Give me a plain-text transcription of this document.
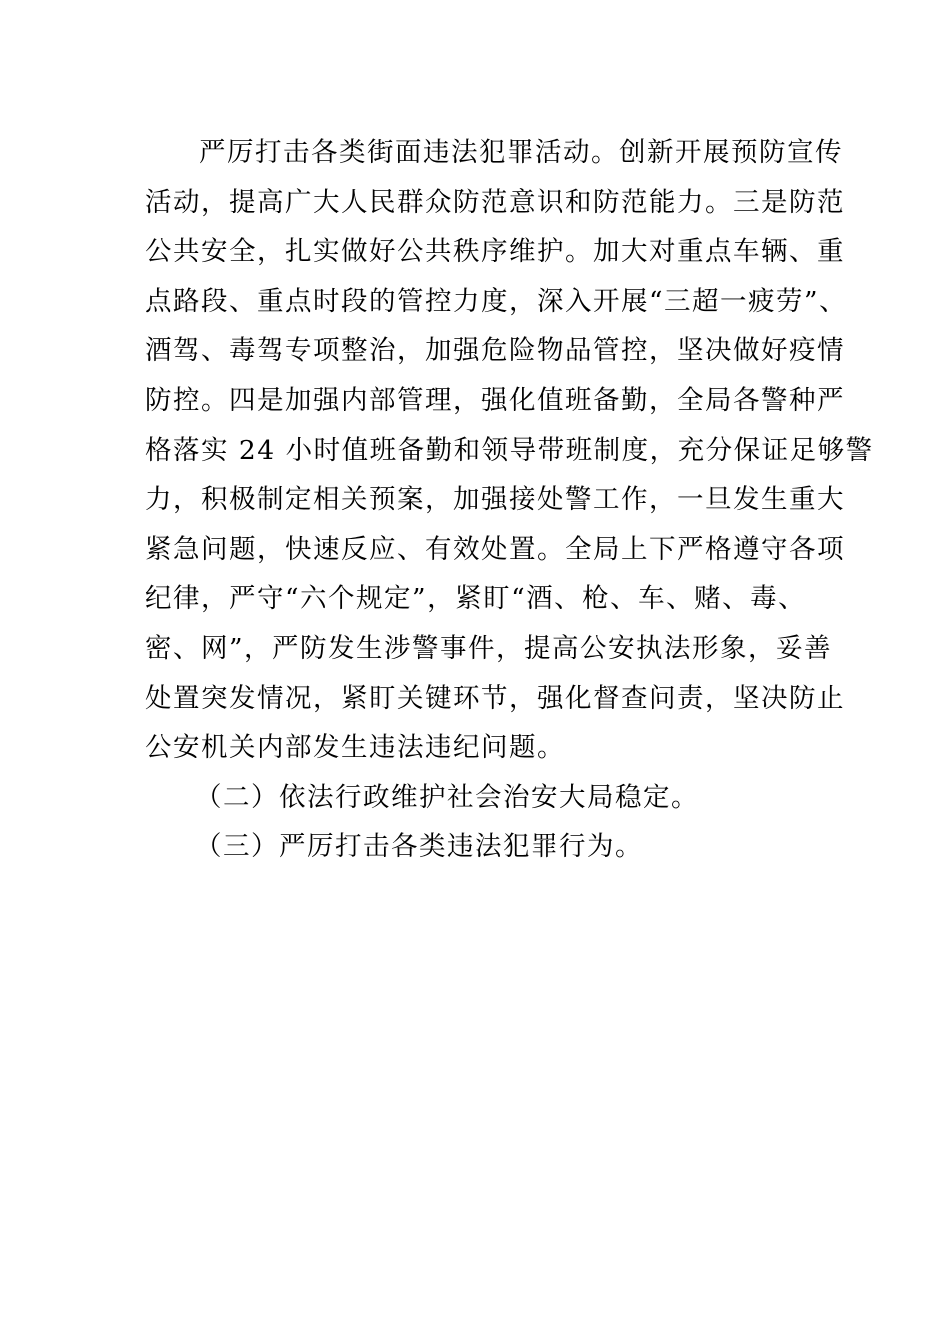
严厉打击各类街面违法犯罪活动。创新开展预防宣传
活动，提高广大人民群众防范意识和防范能力。三是防范
公共安全，扎实做好公共秩序维护。加大对重点车辆、重
点路段、重点时段的管控力度，深入开展“三超一疲劳”、
酒驾、毒驾专项整治，加强危险物品管控，坚决做好疫情
防控。四是加强内部管理，强化值班备勤，全局各警种严
格落实 24 小时值班备勤和领导带班制度，充分保证足够警
力，积极制定相关预案，加强接处警工作，一旦发生重大
紧急问题，快速反应、有效处置。全局上下严格遵守各项
纪律，严守“六个规定”，紧盯“酒、枪、车、赌、毒、
密、网”，严防发生涉警事件，提高公安执法形象，妥善
处置突发情况，紧盯关键环节，强化督查问责，坚决防止
公安机关内部发生违法违纪问题。
（二）依法行政维护社会治安大局稳定。
（三）严厉打击各类违法犯罪行为。
